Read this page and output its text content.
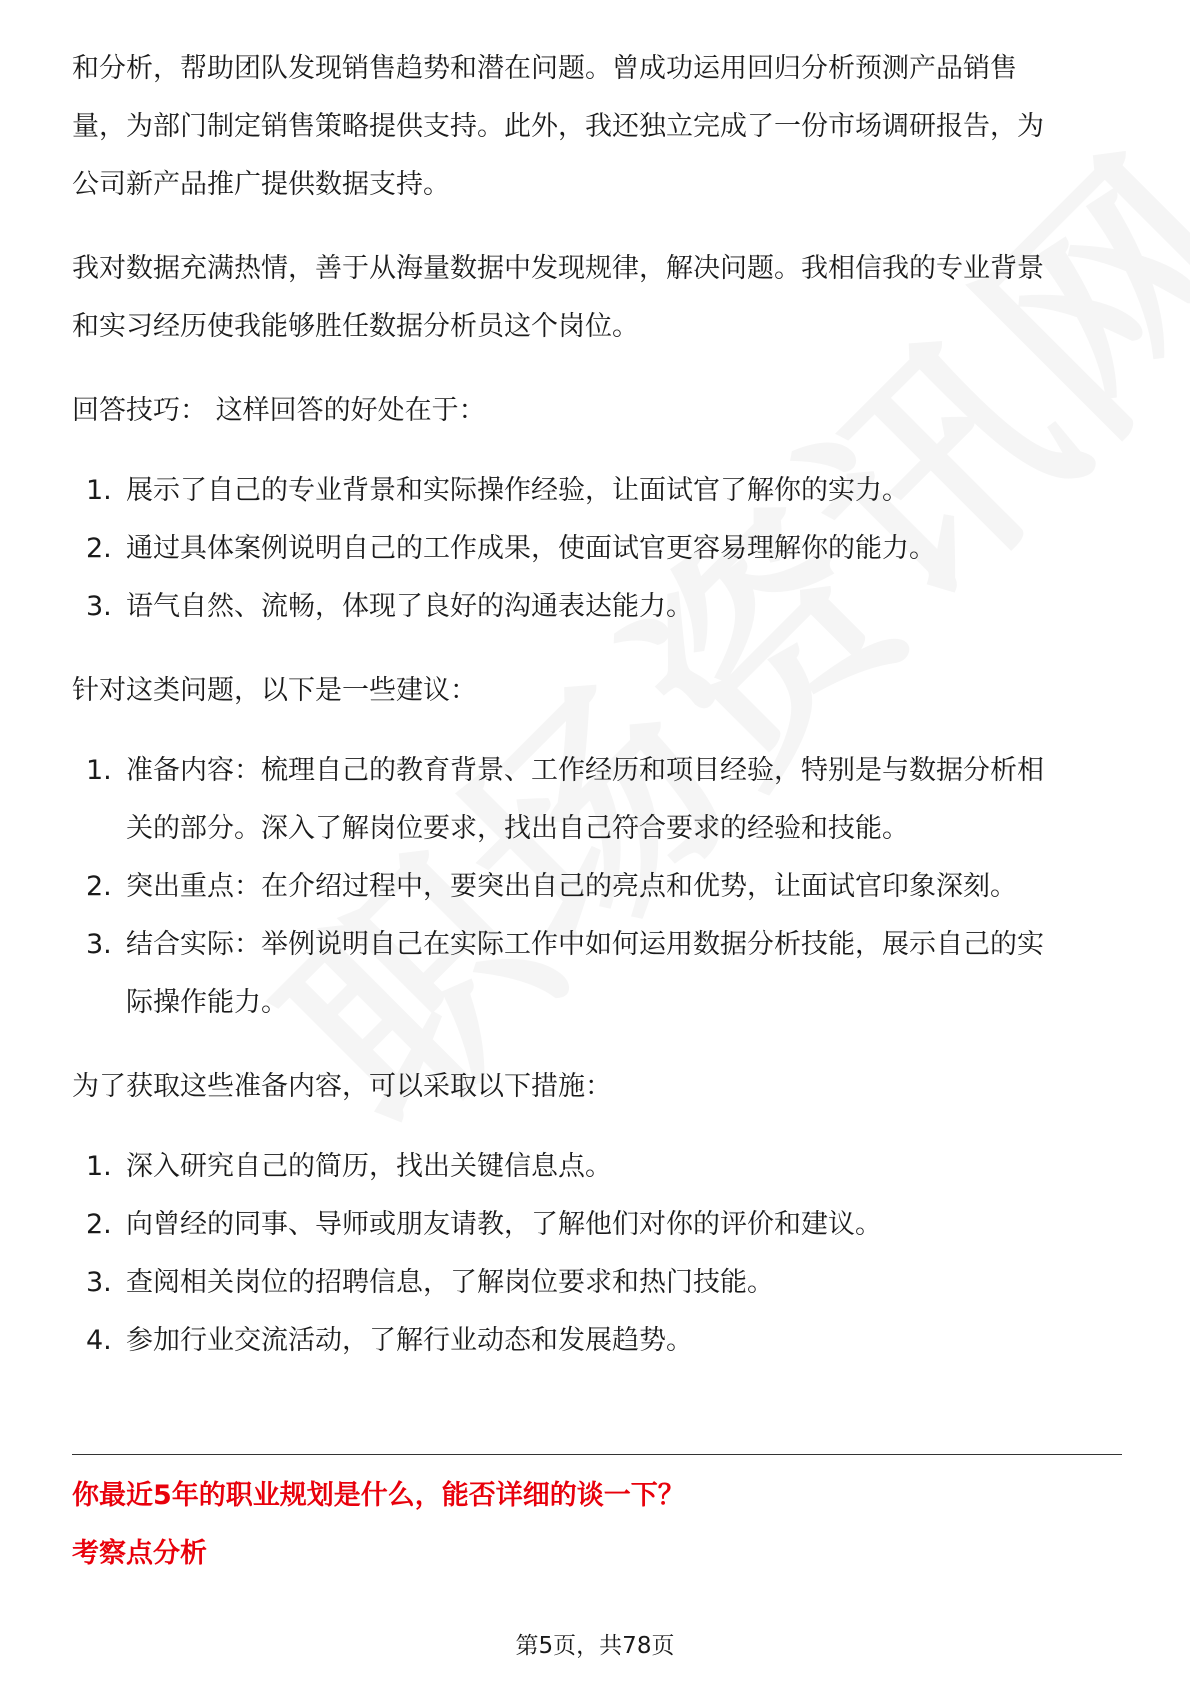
和分析，帮助团队发现销售趋势和潜在问题。曾成功运用回归分析预测产品销售

量，为部门制定销售策略提供支持。此外，我还独立完成了一份市场调研报告，为

公司新产品推广提供数据支持。

我对数据充满热情，善于从海量数据中发现规律，解决问题。我相信我的专业背景

和实习经历使我能够胜任数据分析员这个岗位。

回答技巧： 这样回答的好处在于：

1. 展示了自己的专业背景和实际操作经验，让面试官了解你的实力。
2. 通过具体案例说明自己的工作成果，使面试官更容易理解你的能力。
3. 语气自然、流畅，体现了良好的沟通表达能力。

针对这类问题，以下是一些建议：

1. 准备内容：梳理自己的教育背景、工作经历和项目经验，特别是与数据分析相
关的部分。深入了解岗位要求，找出自己符合要求的经验和技能。
2. 突出重点：在介绍过程中，要突出自己的亮点和优势，让面试官印象深刻。
3. 结合实际：举例说明自己在实际工作中如何运用数据分析技能，展示自己的实
际操作能力。

为了获取这些准备内容，可以采取以下措施：

1. 深入研究自己的简历，找出关键信息点。
2. 向曾经的同事、导师或朋友请教，了解他们对你的评价和建议。
3. 查阅相关岗位的招聘信息，了解岗位要求和热门技能。
4. 参加行业交流活动，了解行业动态和发展趋势。
你最近5年的职业规划是什么，能否详细的谈一下？
考察点分析
第5页，共78页
